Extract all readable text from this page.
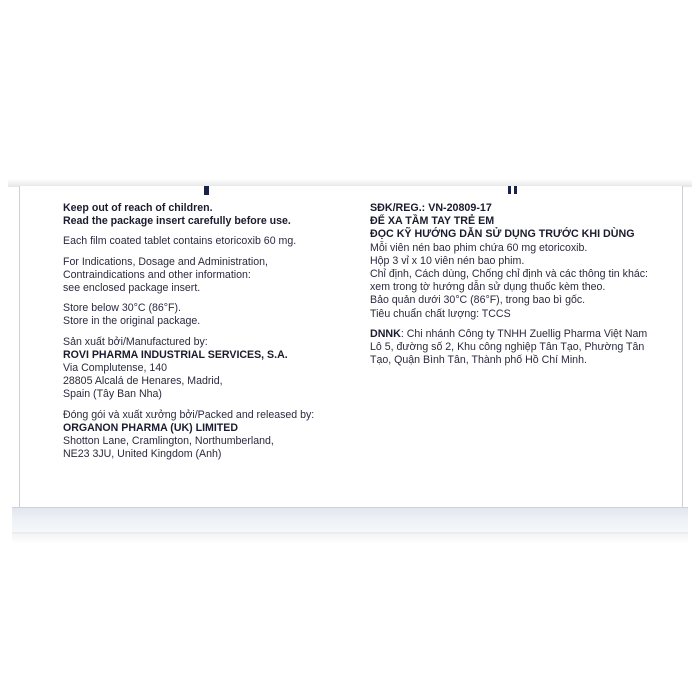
Keep out of reach of children.
Read the package insert carefully before use.

Each film coated tablet contains etoricoxib 60 mg.

For Indications, Dosage and Administration,
Contraindications and other information:
see enclosed package insert.

Store below 30°C (86°F).
Store in the original package.

Sản xuất bởi/Manufactured by:
ROVI PHARMA INDUSTRIAL SERVICES, S.A.
Via Complutense, 140
28805 Alcalá de Henares, Madrid,
Spain (Tây Ban Nha)

Đóng gói và xuất xưởng bởi/Packed and released by:
ORGANON PHARMA (UK) LIMITED
Shotton Lane, Cramlington, Northumberland,
NE23 3JU, United Kingdom (Anh)

SĐK/REG.: VN-20809-17
ĐỂ XA TẦM TAY TRẺ EM
ĐỌC KỸ HƯỚNG DẪN SỬ DỤNG TRƯỚC KHI DÙNG

Mỗi viên nén bao phim chứa 60 mg etoricoxib.
Hộp 3 vỉ x 10 viên nén bao phim.
Chỉ định, Cách dùng, Chống chỉ định và các thông tin khác: xem trong tờ hướng dẫn sử dụng thuốc kèm theo.
Bảo quản dưới 30°C (86°F), trong bao bì gốc.

Tiêu chuẩn chất lượng: TCCS

DNNK: Chi nhánh Công ty TNHH Zuellig Pharma Việt Nam
Lô 5, đường số 2, Khu công nghiệp Tân Tạo, Phường Tân Tạo, Quận Bình Tân, Thành phố Hồ Chí Minh.
